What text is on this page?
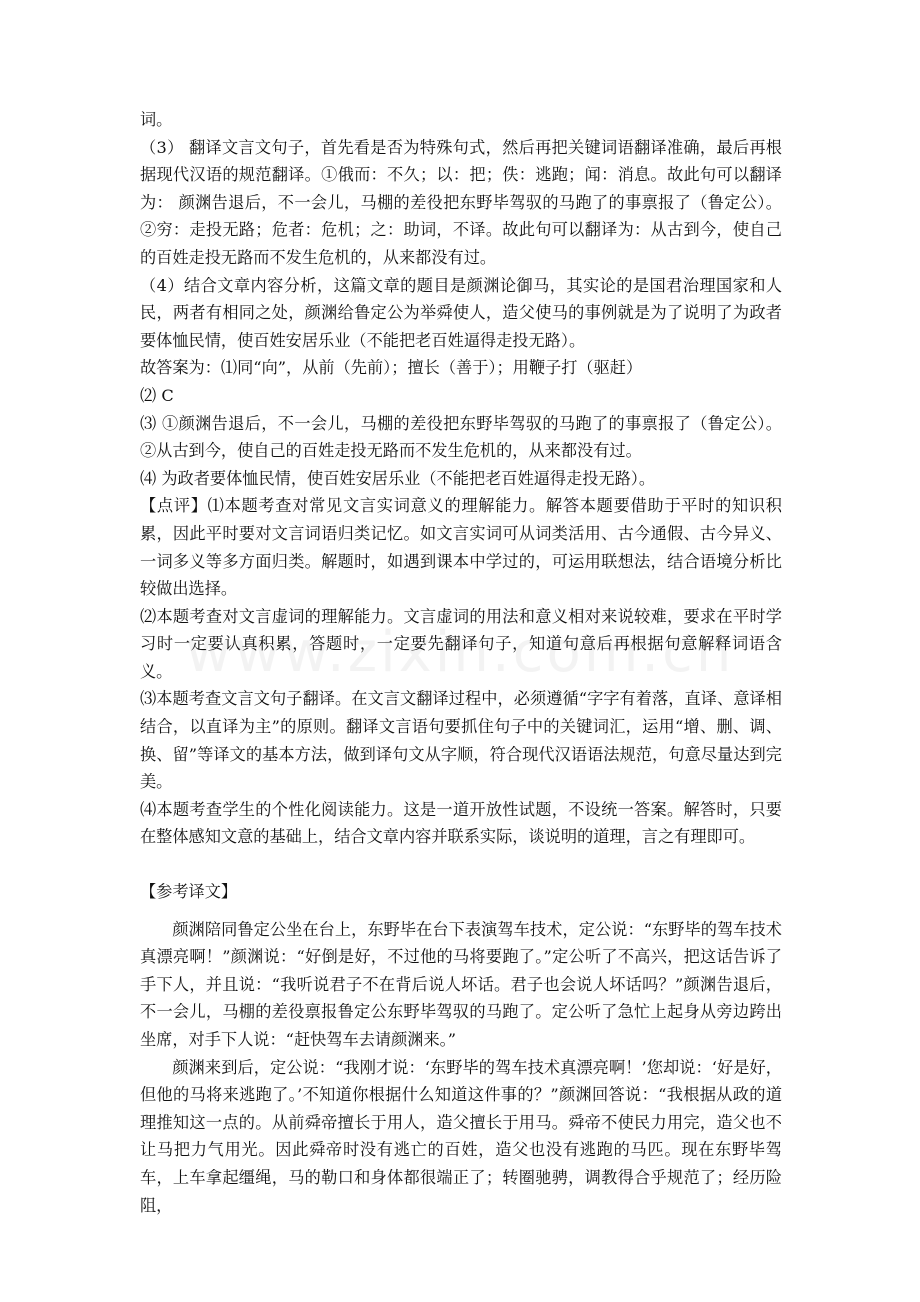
词。

（3） 翻译文言文句子，首先看是否为特殊句式，然后再把关键词语翻译准确，最后再根据现代汉语的规范翻译。①俄而：不久；以：把；佚：逃跑；闻：消息。故此句可以翻译为： 颜渊告退后，不一会儿，马棚的差役把东野毕驾驭的马跑了的事禀报了（鲁定公）。②穷：走投无路；危者：危机；之：助词，不译。故此句可以翻译为：从古到今，使自己的百姓走投无路而不发生危机的，从来都没有过。

（4）结合文章内容分析，这篇文章的题目是颜渊论御马，其实论的是国君治理国家和人民，两者有相同之处，颜渊给鲁定公为举舜使人，造父使马的事例就是为了说明了为政者要体恤民情，使百姓安居乐业（不能把老百姓逼得走投无路）。

故答案为：⑴同“向”，从前（先前）；擅长（善于）；用鞭子打（驱赶）

⑵ C

⑶ ①颜渊告退后，不一会儿，马棚的差役把东野毕驾驭的马跑了的事禀报了（鲁定公）。②从古到今，使自己的百姓走投无路而不发生危机的，从来都没有过。

⑷ 为政者要体恤民情，使百姓安居乐业（不能把老百姓逼得走投无路）。

【点评】⑴本题考查对常见文言实词意义的理解能力。解答本题要借助于平时的知识积累，因此平时要对文言词语归类记忆。如文言实词可从词类活用、古今通假、古今异义、一词多义等多方面归类。解题时，如遇到课本中学过的，可运用联想法，结合语境分析比较做出选择。

⑵本题考查对文言虚词的理解能力。文言虚词的用法和意义相对来说较难，要求在平时学习时一定要认真积累，答题时，一定要先翻译句子，知道句意后再根据句意解释词语含义。

⑶本题考查文言文句子翻译。在文言文翻译过程中，必须遵循“字字有着落，直译、意译相结合，以直译为主”的原则。翻译文言语句要抓住句子中的关键词汇，运用“增、删、调、换、留”等译文的基本方法，做到译句文从字顺，符合现代汉语语法规范，句意尽量达到完美。

⑷本题考查学生的个性化阅读能力。这是一道开放性试题，不设统一答案。解答时，只要在整体感知文意的基础上，结合文章内容并联系实际，谈说明的道理，言之有理即可。

【参考译文】

颜渊陪同鲁定公坐在台上，东野毕在台下表演驾车技术，定公说：“东野毕的驾车技术真漂亮啊！”颜渊说：“好倒是好，不过他的马将要跑了。”定公听了不高兴，把这话告诉了手下人，并且说：“我听说君子不在背后说人坏话。君子也会说人坏话吗？”颜渊告退后，不一会儿，马棚的差役禀报鲁定公东野毕驾驭的马跑了。定公听了急忙上起身从旁边跨出坐席，对手下人说：“赶快驾车去请颜渊来。”

颜渊来到后，定公说：“我刚才说：‘东野毕的驾车技术真漂亮啊！’您却说：‘好是好，但他的马将来逃跑了。’不知道你根据什么知道这件事的？”颜渊回答说：“我根据从政的道理推知这一点的。从前舜帝擅长于用人，造父擅长于用马。舜帝不使民力用完，造父也不让马把力气用光。因此舜帝时没有逃亡的百姓，造父也没有逃跑的马匹。现在东野毕驾车，上车拿起缰绳，马的勒口和身体都很端正了；转圈驰骋，调教得合乎规范了；经历险阻，
